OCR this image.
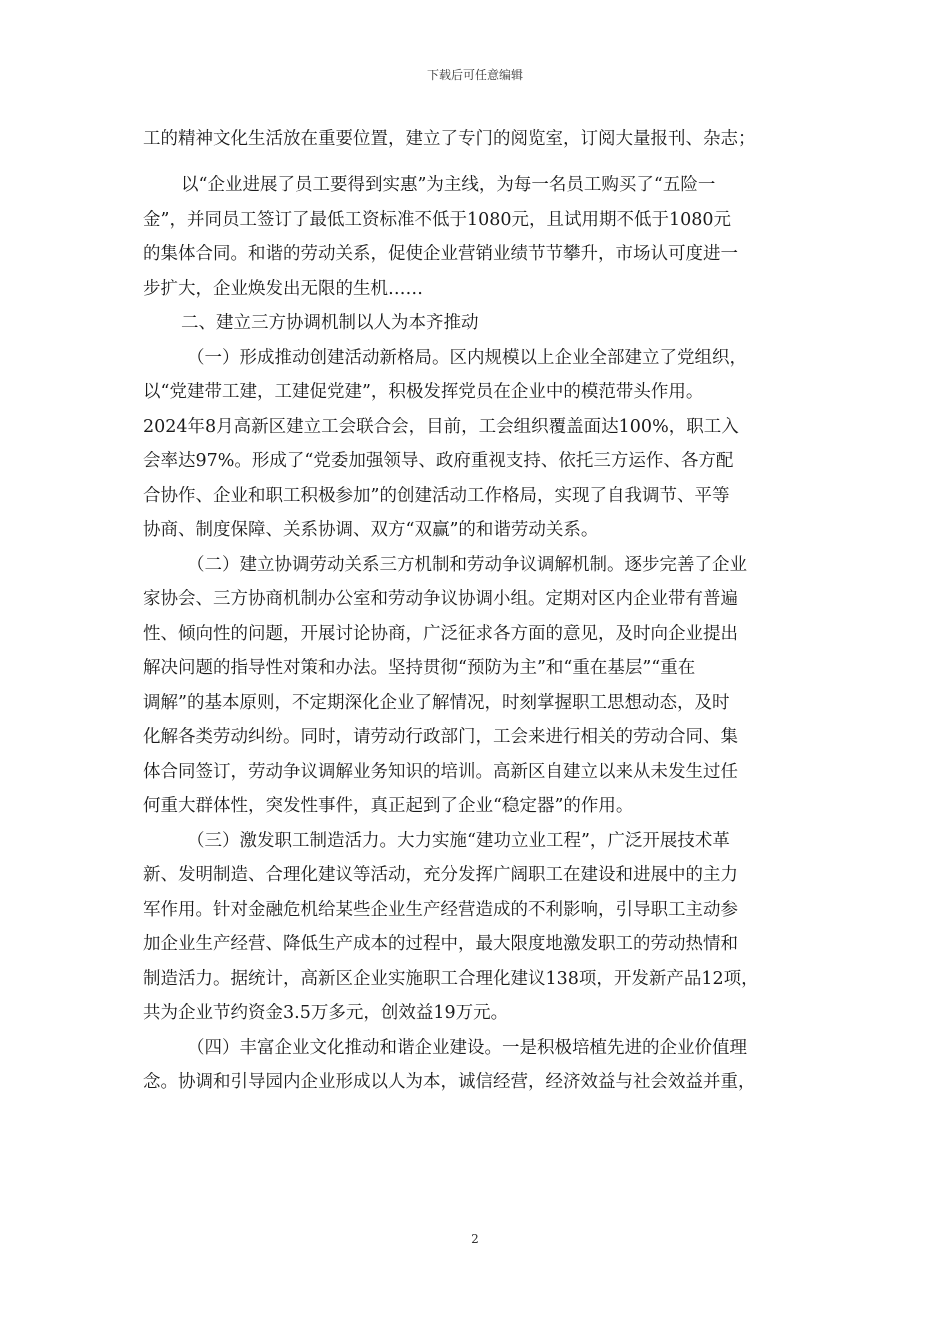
下载后可任意编辑
工的精神文化生活放在重要位置，建立了专门的阅览室，订阅大量报刊、杂志；
以“企业进展了员工要得到实惠”为主线，为每一名员工购买了“五险一
金”，并同员工签订了最低工资标准不低于1080元，且试用期不低于1080元
的集体合同。和谐的劳动关系，促使企业营销业绩节节攀升，市场认可度进一
步扩大，企业焕发出无限的生机……
二、建立三方协调机制以人为本齐推动
（一）形成推动创建活动新格局。区内规模以上企业全部建立了党组织，
以“党建带工建，工建促党建”，积极发挥党员在企业中的模范带头作用。
2024年8月高新区建立工会联合会，目前，工会组织覆盖面达100%，职工入
会率达97%。形成了“党委加强领导、政府重视支持、依托三方运作、各方配
合协作、企业和职工积极参加”的创建活动工作格局，实现了自我调节、平等
协商、制度保障、关系协调、双方“双赢”的和谐劳动关系。
（二）建立协调劳动关系三方机制和劳动争议调解机制。逐步完善了企业
家协会、三方协商机制办公室和劳动争议协调小组。定期对区内企业带有普遍
性、倾向性的问题，开展讨论协商，广泛征求各方面的意见，及时向企业提出
解决问题的指导性对策和办法。坚持贯彻“预防为主”和“重在基层”“重在
调解”的基本原则，不定期深化企业了解情况，时刻掌握职工思想动态，及时
化解各类劳动纠纷。同时，请劳动行政部门，工会来进行相关的劳动合同、集
体合同签订，劳动争议调解业务知识的培训。高新区自建立以来从未发生过任
何重大群体性，突发性事件，真正起到了企业“稳定器”的作用。
（三）激发职工制造活力。大力实施“建功立业工程”，广泛开展技术革
新、发明制造、合理化建议等活动，充分发挥广阔职工在建设和进展中的主力
军作用。针对金融危机给某些企业生产经营造成的不利影响，引导职工主动参
加企业生产经营、降低生产成本的过程中，最大限度地激发职工的劳动热情和
制造活力。据统计，高新区企业实施职工合理化建议138项，开发新产品12项，
共为企业节约资金3.5万多元，创效益19万元。
（四）丰富企业文化推动和谐企业建设。一是积极培植先进的企业价值理
念。协调和引导园内企业形成以人为本，诚信经营，经济效益与社会效益并重，
2
